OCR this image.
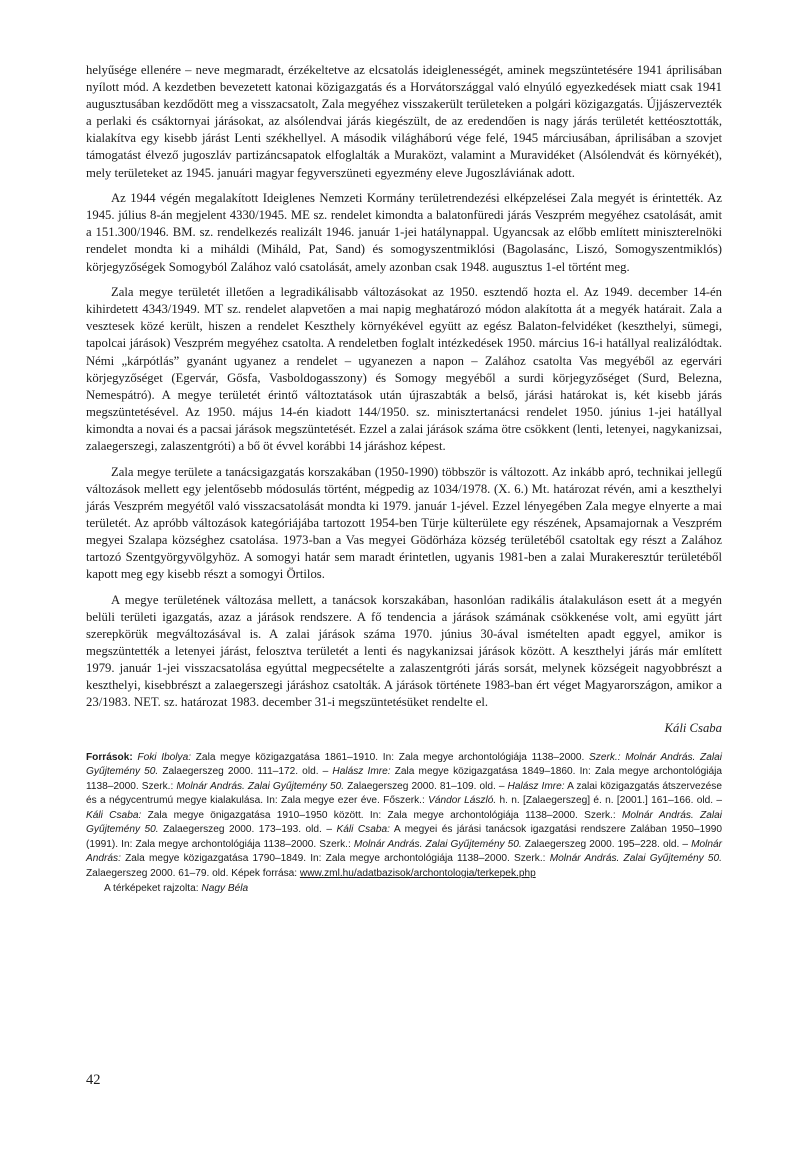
helyűsége ellenére – neve megmaradt, érzékeltetve az elcsatolás ideiglenességét, aminek megszüntetésére 1941 áprilisában nyílott mód. A kezdetben bevezetett katonai közigazgatás és a Horvátországgal való elnyúló egyezkedések miatt csak 1941 augusztusában kezdődött meg a visszacsatolt, Zala megyéhez visszakerült területeken a polgári közigazgatás. Újjászervezték a perlaki és csáktornyai járásokat, az alsólendvai járás kiegészült, de az eredendően is nagy járás területét kettéosztották, kialakítva egy kisebb járást Lenti székhellyel. A második világháború vége felé, 1945 márciusában, áprilisában a szovjet támogatást élvező jugoszláv partizáncsapatok elfoglalták a Muraközt, valamint a Muravidéket (Alsólendvát és környékét), mely területeket az 1945. januári magyar fegyverszüneti egyezmény eleve Jugoszláviának adott.

Az 1944 végén megalakított Ideiglenes Nemzeti Kormány területrendezési elképzelései Zala megyét is érintették. Az 1945. július 8-án megjelent 4330/1945. ME sz. rendelet kimondta a balatonfüredi járás Veszprém megyéhez csatolását, amit a 151.300/1946. BM. sz. rendelkezés realizált 1946. január 1-jei hatálynappal. Ugyancsak az előbb említett miniszterelnöki rendelet mondta ki a miháldi (Miháld, Pat, Sand) és somogyszentmiklósi (Bagolasánc, Liszó, Somogyszentmiklós) körjegyzőségek Somogyból Zalához való csatolását, amely azonban csak 1948. augusztus 1-el történt meg.

Zala megye területét illetően a legradikálisabb változásokat az 1950. esztendő hozta el. Az 1949. december 14-én kihirdetett 4343/1949. MT sz. rendelet alapvetően a mai napig meghatározó módon alakította át a megyék határait. Zala a vesztesek közé került, hiszen a rendelet Keszthely környékével együtt az egész Balaton-felvidéket (keszthelyi, sümegi, tapolcai járások) Veszprém megyéhez csatolta. A rendeletben foglalt intézkedések 1950. március 16-i hatállyal realizálódtak. Némi „kárpótlás” gyanánt ugyanez a rendelet – ugyanezen a napon – Zalához csatolta Vas megyéből az egervári körjegyzőséget (Egervár, Gősfa, Vasboldogasszony) és Somogy megyéből a surdi körjegyzőséget (Surd, Belezna, Nemespátró). A megye területét érintő változtatások után újraszabták a belső, járási határokat is, két kisebb járás megszüntetésével. Az 1950. május 14-én kiadott 144/1950. sz. minisztertanácsi rendelet 1950. június 1-jei hatállyal kimondta a novai és a pacsai járások megszüntetését. Ezzel a zalai járások száma ötre csökkent (lenti, letenyei, nagykanizsai, zalaegerszegi, zalaszentgróti) a bő öt évvel korábbi 14 járáshoz képest.

Zala megye területe a tanácsigazgatás korszakában (1950-1990) többször is változott. Az inkább apró, technikai jellegű változások mellett egy jelentősebb módosulás történt, mégpedig az 1034/1978. (X. 6.) Mt. határozat révén, ami a keszthelyi járás Veszprém megyétől való visszacsatolását mondta ki 1979. január 1-jével. Ezzel lényegében Zala megye elnyerte a mai területét. Az apróbb változások kategóriájába tartozott 1954-ben Türje külterülete egy részének, Apsamajornak a Veszprém megyei Szalapa községhez csatolása. 1973-ban a Vas megyei Gödörháza község területéből csatoltak egy részt a Zalához tartozó Szentgyörgyvölgyhöz. A somogyi határ sem maradt érintetlen, ugyanis 1981-ben a zalai Murakeresztúr területéből kapott meg egy kisebb részt a somogyi Örtilos.

A megye területének változása mellett, a tanácsok korszakában, hasonlóan radikális átalakuláson esett át a megyén belüli területi igazgatás, azaz a járások rendszere. A fő tendencia a járások számának csökkenése volt, ami együtt járt szerepkörük megváltozásával is. A zalai járások száma 1970. június 30-ával ismételten apadt eggyel, amikor is megszüntették a letenyei járást, felosztva területét a lenti és nagykanizsai járások között. A keszthelyi járás már említett 1979. január 1-jei visszacsatolása egyúttal megpecsételte a zalaszentgróti járás sorsát, melynek községeit nagyobbrészt a keszthelyi, kisebbrészt a zalaegerszegi járáshoz csatolták. A járások története 1983-ban ért véget Magyarországon, amikor a 23/1983. NET. sz. határozat 1983. december 31-i megszüntetésüket rendelte el.

Káli Csaba

Források: Foki Ibolya: Zala megye közigazgatása 1861–1910. In: Zala megye archontológiája 1138–2000. Szerk.: Molnár András. Zalai Gyűjtemény 50. Zalaegerszeg 2000. 111–172. old. – Halász Imre: Zala megye közigazgatása 1849–1860. In: Zala megye archontológiája 1138–2000. Szerk.: Molnár András. Zalai Gyűjtemény 50. Zalaegerszeg 2000. 81–109. old. – Halász Imre: A zalai közigazgatás átszervezése és a négycentrumú megye kialakulása. In: Zala megye ezer éve. Főszerk.: Vándor László. h. n. [Zalaegerszeg] é. n. [2001.] 161–166. old. – Káli Csaba: Zala megye önigazgatása 1910–1950 között. In: Zala megye archontológiája 1138–2000. Szerk.: Molnár András. Zalai Gyűjtemény 50. Zalaegerszeg 2000. 173–193. old. – Káli Csaba: A megyei és járási tanácsok igazgatási rendszere Zalában 1950–1990 (1991). In: Zala megye archontológiája 1138–2000. Szerk.: Molnár András. Zalai Gyűjtemény 50. Zalaegerszeg 2000. 195–228. old. – Molnár András: Zala megye közigazgatása 1790–1849. In: Zala megye archontológiája 1138–2000. Szerk.: Molnár András. Zalai Gyűjtemény 50. Zalaegerszeg 2000. 61–79. old. Képek forrása: www.zml.hu/adatbazisok/archontologia/terkepek.php

A térképeket rajzolta: Nagy Béla

42
